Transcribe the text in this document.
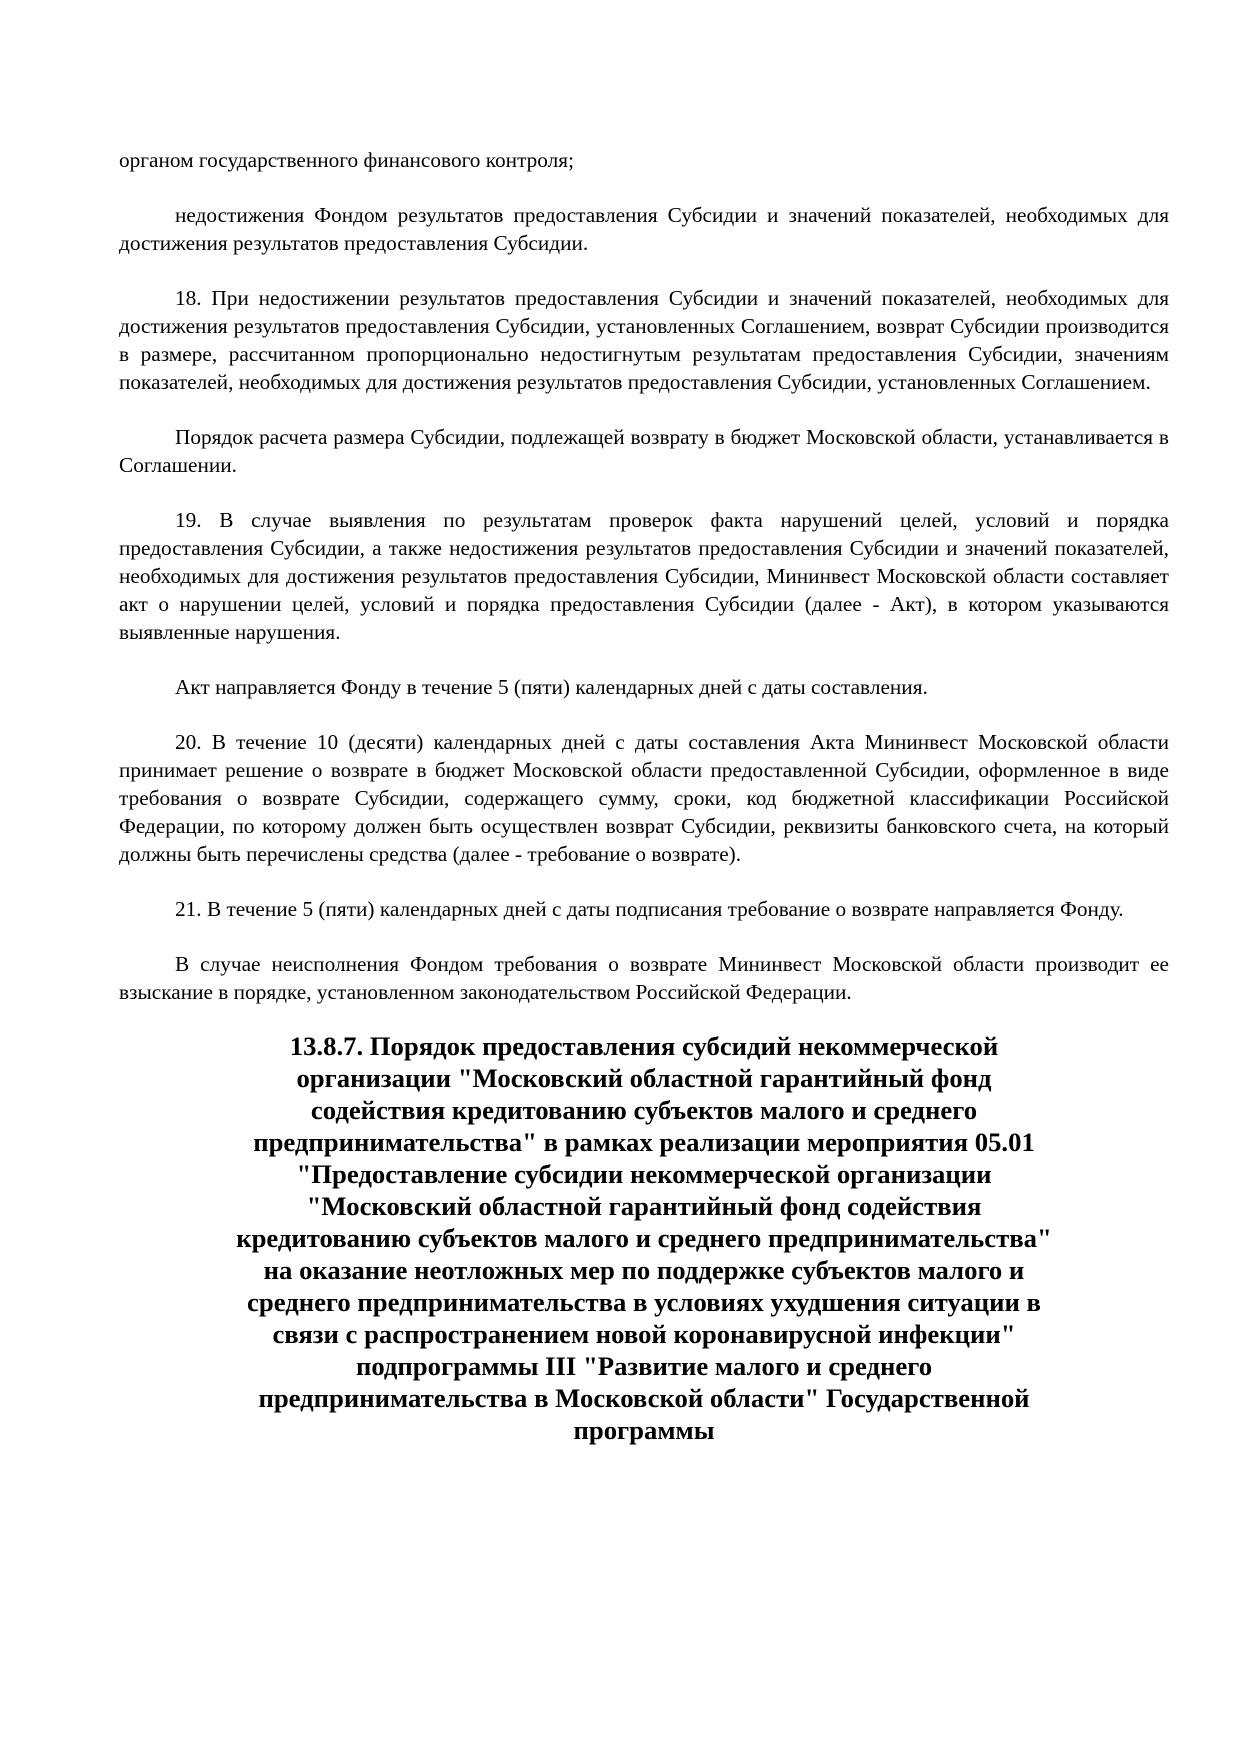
органом государственного финансового контроля;

недостижения Фондом результатов предоставления Субсидии и значений показателей, необходимых для достижения результатов предоставления Субсидии.

18. При недостижении результатов предоставления Субсидии и значений показателей, необходимых для достижения результатов предоставления Субсидии, установленных Соглашением, возврат Субсидии производится в размере, рассчитанном пропорционально недостигнутым результатам предоставления Субсидии, значениям показателей, необходимых для достижения результатов предоставления Субсидии, установленных Соглашением.

Порядок расчета размера Субсидии, подлежащей возврату в бюджет Московской области, устанавливается в Соглашении.

19. В случае выявления по результатам проверок факта нарушений целей, условий и порядка предоставления Субсидии, а также недостижения результатов предоставления Субсидии и значений показателей, необходимых для достижения результатов предоставления Субсидии, Мининвест Московской области составляет акт о нарушении целей, условий и порядка предоставления Субсидии (далее - Акт), в котором указываются выявленные нарушения.

Акт направляется Фонду в течение 5 (пяти) календарных дней с даты составления.

20. В течение 10 (десяти) календарных дней с даты составления Акта Мининвест Московской области принимает решение о возврате в бюджет Московской области предоставленной Субсидии, оформленное в виде требования о возврате Субсидии, содержащего сумму, сроки, код бюджетной классификации Российской Федерации, по которому должен быть осуществлен возврат Субсидии, реквизиты банковского счета, на который должны быть перечислены средства (далее - требование о возврате).

21. В течение 5 (пяти) календарных дней с даты подписания требование о возврате направляется Фонду.

В случае неисполнения Фондом требования о возврате Мининвест Московской области производит ее взыскание в порядке, установленном законодательством Российской Федерации.

13.8.7. Порядок предоставления субсидий некоммерческой организации "Московский областной гарантийный фонд содействия кредитованию субъектов малого и среднего предпринимательства" в рамках реализации мероприятия 05.01 "Предоставление субсидии некоммерческой организации "Московский областной гарантийный фонд содействия кредитованию субъектов малого и среднего предпринимательства" на оказание неотложных мер по поддержке субъектов малого и среднего предпринимательства в условиях ухудшения ситуации в связи с распространением новой коронавирусной инфекции" подпрограммы III "Развитие малого и среднего предпринимательства в Московской области" Государственной программы
